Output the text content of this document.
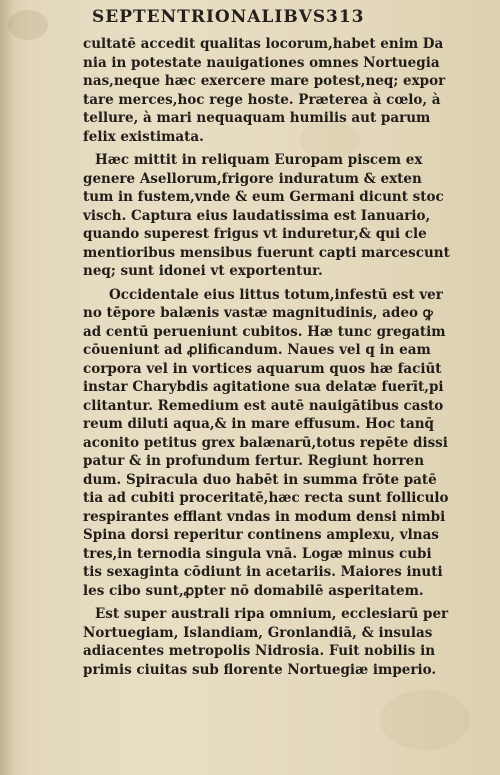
SEPTENTRIONALIBVS 313
cultatē accedit qualitas locorum,habet enim Da
nia in potestate nauigationes omnes Nortuegia
nas,neque hæc exercere mare potest,neq; expor
tare merces,hoc rege hoste. Præterea à cœlo, à
tellure, à mari nequaquam humilis aut parum
felix existimata.
Hæc mittit in reliquam Europam piscem ex
genere Asellorum,frigore induratum & exten
tum in fustem,vnde & eum Germani dicunt stoc
visch. Captura eius laudatissima est Ianuario,
quando superest frigus vt induretur,& qui cle
mentioribus mensibus fuerunt capti marcescunt
neq; sunt idonei vt exportentur.
Occidentale eius littus totum,infestū est ver
no tēpore balænis vastæ magnitudinis, adeo ꝙ
ad centū perueniunt cubitos. Hæ tunc gregatim
cōueniunt ad ꝓlificandum. Naues vel q in eam
corpora vel in vortices aquarum quos hæ faciūt
instar Charybdis agitatione sua delatæ fuerīt,pi
clitantur. Remedium est autē nauigātibus casto
reum diluti aqua,& in mare effusum. Hoc tanq̄
aconito petitus grex balænarū,totus repēte dissi
patur & in profundum fertur. Regiunt horren
dum. Spiracula duo habēt in summa frōte patē
tia ad cubiti proceritatē,hæc recta sunt folliculo
respirantes efflant vndas in modum densi nimbi
Spina dorsi reperitur continens amplexu, vlnas
tres,in ternodia singula vnā. Logæ minus cubi
tis sexaginta cōdiunt in acetariis. Maiores inuti
les cibo sunt,ꝓpter nō domabilē asperitatem.
Est super australi ripa omnium, ecclesiarū per
Nortuegiam, Islandiam, Gronlandiā, & insulas
adiacentes metropolis Nidrosia. Fuit nobilis in
primis ciuitas sub florente Nortuegiæ imperio.
